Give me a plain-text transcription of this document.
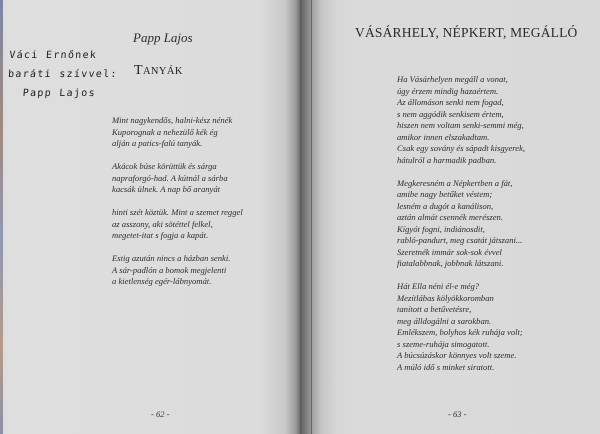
Papp Lajos
Váci Ernőnek
baráti szívvel:
Papp Lajos
TANYÁK
Mint nagykendős, halni-kész nénék
Kuporognak a nehezülő kék ég
alján a patics-falú tanyák.
Akácok búse körüttük és sárga
napraforgó-had. A kútnál a sárba
kacsák ülnek. A nap bő aranyát
hinti szét köztük. Mint a szemet reggel
az asszony, aki sötéttel felkel,
megetet-itat s fogja a kapát.
Estig azután nincs a házban senki.
A sár-padlón a bomok megjelenti
a kietlenség egér-lábnyomát.
- 62 -
VÁSÁRHELY, NÉPKERT, MEGÁLLÓ
Ha Vásárhelyen megáll a vonat,
úgy érzem mindig hazaértem.
Az állomáson senki nem fogad,
s nem aggódik senkisem értem,
hiszen nem voltam senki-semmi még,
amikor innen elszakadtam.
Csak egy sovány és sápadt kisgyerek,
hátulról a harmadik padban.
Megkeresném a Népkertben a fát,
amibe nagy betűket véstem;
lesném a dugót a kanálison,
aztán almát csennék merészen.
Kígyót fogni, indiánosdit,
rabló-pandurt, meg csatát játszani...
Szeretnék immár sok-sok évvel
fiatalabbnak, jobbnak látszani.
Hát Ella néni él-e még?
Mezítlábas kölyökkoromban
tanított a betűvetésre,
meg álldogálni a sarokban.
Emlékszem, bolyhos kék ruhája volt;
s szeme-ruhája simogatott.
A búcsúzáskor könnyes volt szeme.
A múló idő s minket siratott.
- 63 -
